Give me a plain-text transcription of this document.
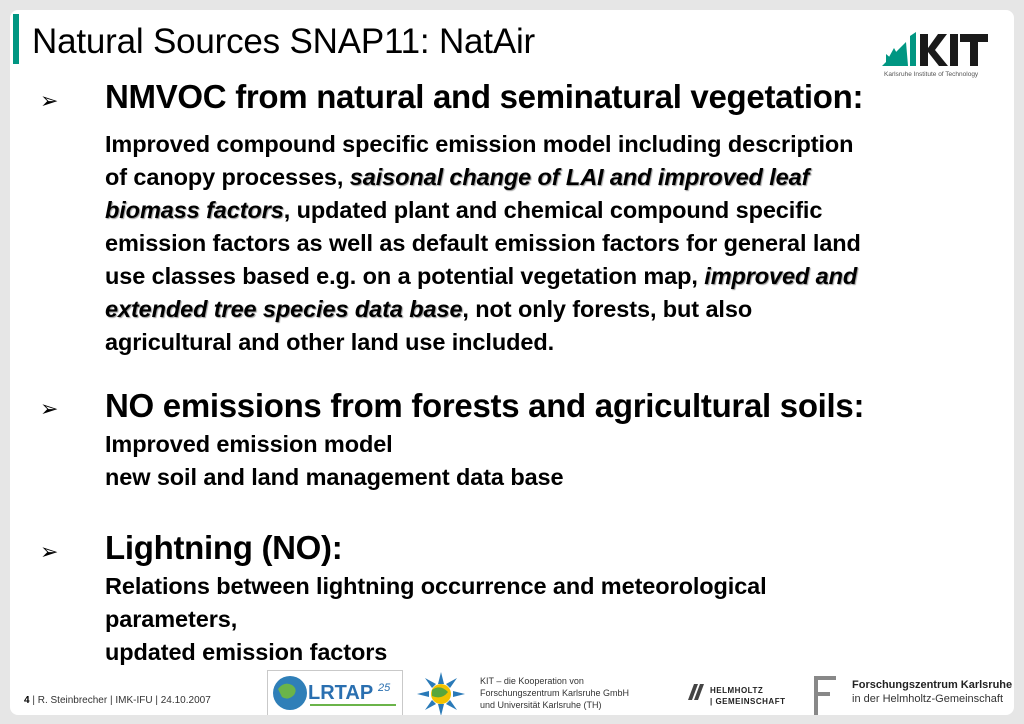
Natural Sources SNAP11: NatAir
Karlsruhe Institute of Technology
➢ NMVOC from natural and seminatural vegetation:
Improved compound specific emission model including description
of canopy processes, saisonal change of LAI and improved leaf
biomass factors, updated plant and chemical compound specific
emission factors as well as default emission factors for general land
use classes based e.g. on a potential vegetation map, improved and
extended tree species data base, not only forests, but also
agricultural and other land use included.
➢ NO emissions from forests and agricultural soils:
Improved emission model
new soil and land management data base
➢ Lightning (NO):
Relations between lightning occurrence and meteorological
parameters,
updated emission factors
4 | R. Steinbrecher | IMK-IFU | 24.10.2007	LRTAP 25
KIT – die Kooperation von
Forschungszentrum Karlsruhe GmbH
und Universität Karlsruhe (TH)
HELMHOLTZ
| GEMEINSCHAFT
Forschungszentrum Karlsruhe
in der Helmholtz-Gemeinschaft
